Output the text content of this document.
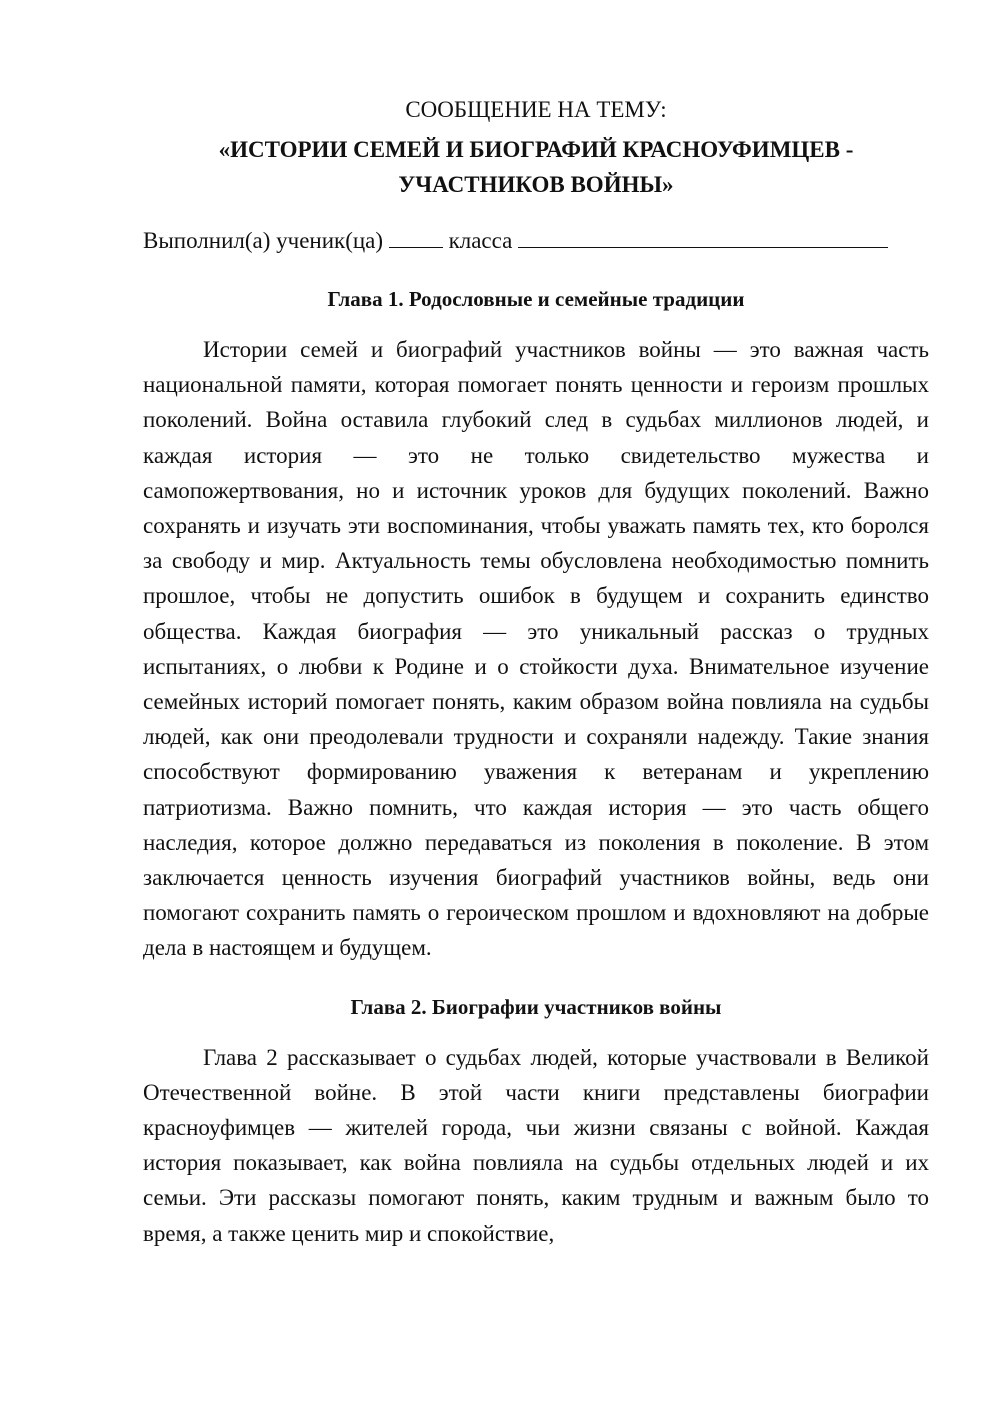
СООБЩЕНИЕ НА ТЕМУ:

«ИСТОРИИ СЕМЕЙ И БИОГРАФИЙ КРАСНОУФИМЦЕВ -

УЧАСТНИКОВ ВОЙНЫ»

Выполнил(а) ученик(ца)	класса

Глава 1. Родословные и семейные традиции

Истории семей и биографий участников войны — это важная часть национальной памяти, которая помогает понять ценности и героизм прошлых поколений. Война оставила глубокий след в судьбах миллионов людей, и каждая история — это не только свидетельство мужества и самопожертвования, но и источник уроков для будущих поколений. Важно сохранять и изучать эти воспоминания, чтобы уважать память тех, кто боролся за свободу и мир. Актуальность темы обусловлена необходимостью помнить прошлое, чтобы не допустить ошибок в будущем и сохранить единство общества. Каждая биография — это уникальный рассказ о трудных испытаниях, о любви к Родине и о стойкости духа. Внимательное изучение семейных историй помогает понять, каким образом война повлияла на судьбы людей, как они преодолевали трудности и сохраняли надежду. Такие знания способствуют формированию уважения к ветеранам и укреплению патриотизма. Важно помнить, что каждая история — это часть общего наследия, которое должно передаваться из поколения в поколение. В этом заключается ценность изучения биографий участников войны, ведь они помогают сохранить память о героическом прошлом и вдохновляют на добрые дела в настоящем и будущем.

Глава 2. Биографии участников войны

Глава 2 рассказывает о судьбах людей, которые участвовали в Великой Отечественной войне. В этой части книги представлены биографии красноуфимцев — жителей города, чьи жизни связаны с войной. Каждая история показывает, как война повлияла на судьбы отдельных людей и их семьи. Эти рассказы помогают понять, каким трудным и важным было то время, а также ценить мир и спокойствие,
